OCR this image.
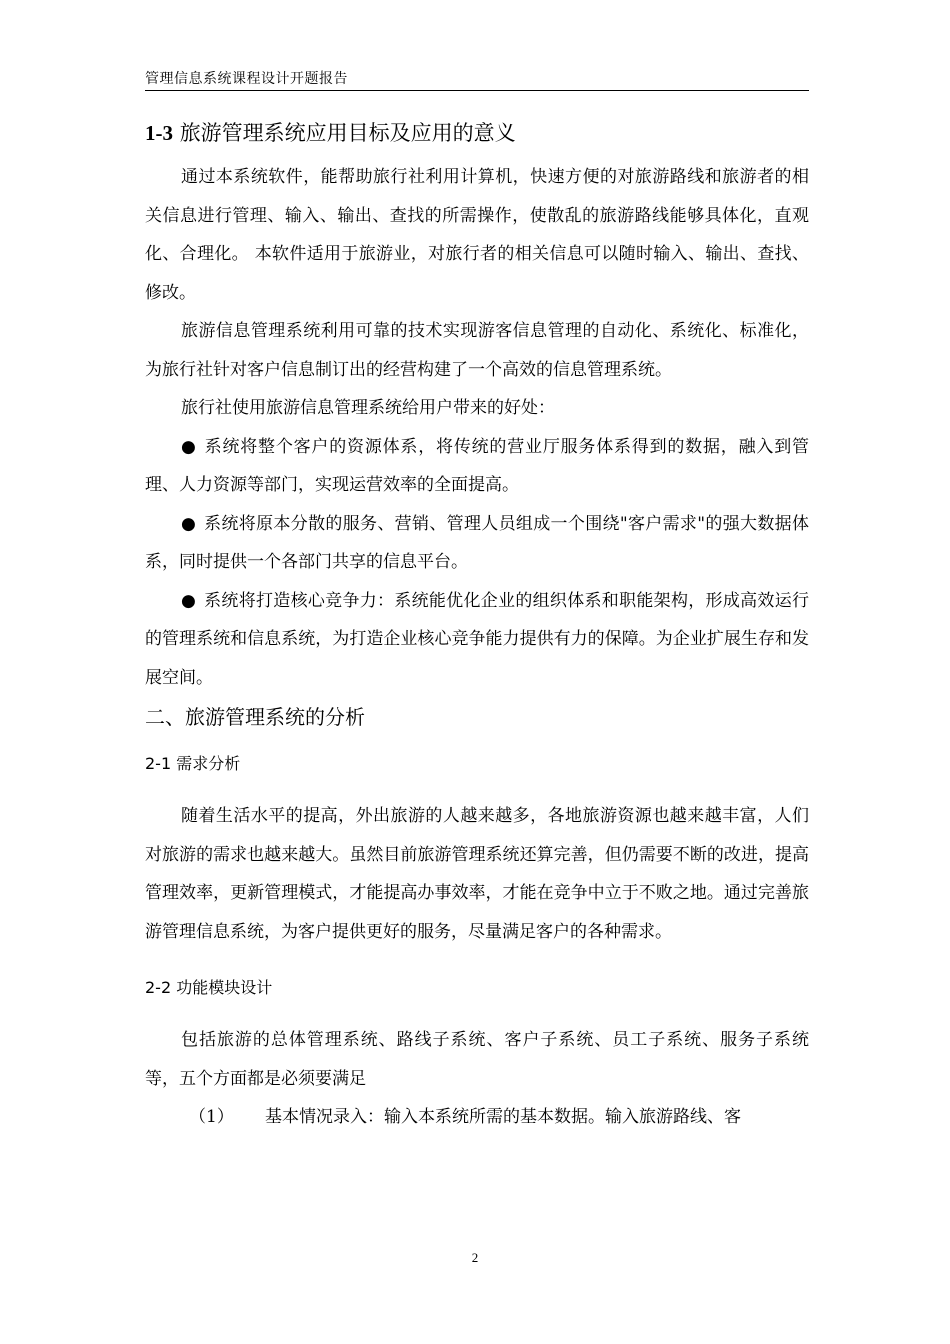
管理信息系统课程设计开题报告
1-3 旅游管理系统应用目标及应用的意义

通过本系统软件，能帮助旅行社利用计算机，快速方便的对旅游路线和旅游者的相关信息进行管理、输入、输出、查找的所需操作，使散乱的旅游路线能够具体化，直观化、合理化。 本软件适用于旅游业，对旅行者的相关信息可以随时输入、输出、查找、修改。

旅游信息管理系统利用可靠的技术实现游客信息管理的自动化、系统化、标准化，为旅行社针对客户信息制订出的经营构建了一个高效的信息管理系统。

旅行社使用旅游信息管理系统给用户带来的好处：

● 系统将整个客户的资源体系，将传统的营业厅服务体系得到的数据，融入到管理、人力资源等部门，实现运营效率的全面提高。

● 系统将原本分散的服务、营销、管理人员组成一个围绕"客户需求"的强大数据体系，同时提供一个各部门共享的信息平台。

● 系统将打造核心竞争力：系统能优化企业的组织体系和职能架构，形成高效运行的管理系统和信息系统，为打造企业核心竞争能力提供有力的保障。为企业扩展生存和发展空间。

二、旅游管理系统的分析
2-1 需求分析

随着生活水平的提高，外出旅游的人越来越多，各地旅游资源也越来越丰富，人们对旅游的需求也越来越大。虽然目前旅游管理系统还算完善，但仍需要不断的改进，提高管理效率，更新管理模式，才能提高办事效率，才能在竞争中立于不败之地。通过完善旅游管理信息系统，为客户提供更好的服务，尽量满足客户的各种需求。

2-2 功能模块设计

包括旅游的总体管理系统、路线子系统、客户子系统、员工子系统、服务子系统等，五个方面都是必须要满足

（1） 基本情况录入：输入本系统所需的基本数据。输入旅游路线、客

2
